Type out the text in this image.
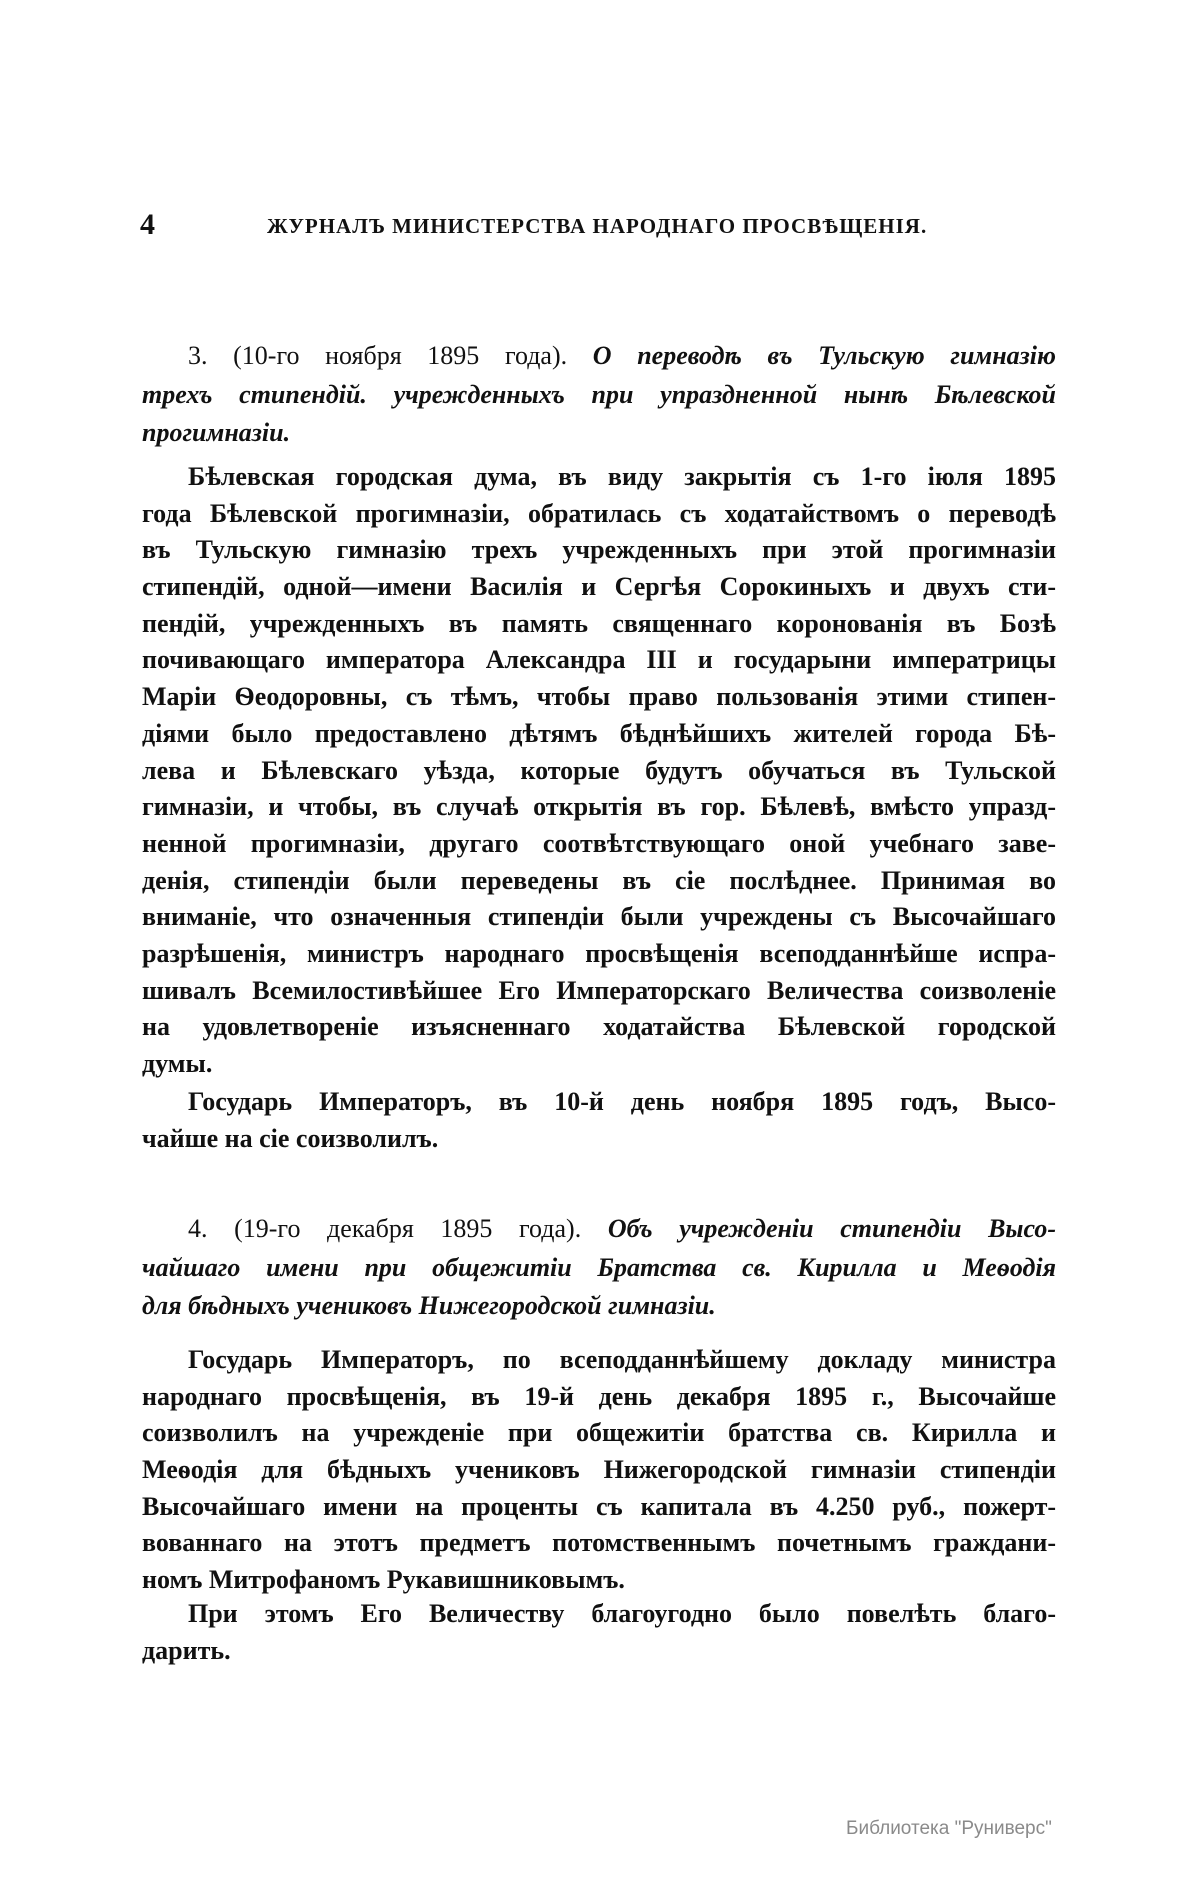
4	ЖУРНАЛЪ МИНИСТЕРСТВА НАРОДНАГО ПРОСВѢЩЕНІЯ.
3. (10-го ноября 1895 года). О переводѣ въ Тульскую гимназію
трехъ стипендій. учрежденныхъ при упраздненной нынѣ Бѣлевской
прогимназіи.
Бѣлевская городская дума, въ виду закрытія съ 1-го іюля 1895
года Бѣлевской прогимназіи, обратилась съ ходатайствомъ о переводѣ
въ Тульскую гимназію трехъ учрежденныхъ при этой прогимназіи
стипендій, одной—имени Василія и Сергѣя Сорокиныхъ и двухъ сти-
пендій, учрежденныхъ въ память священнаго коронованія въ Бозѣ
почивающаго императора Александра III и государыни императрицы
Маріи Ѳеодоровны, съ тѣмъ, чтобы право пользованія этими стипен-
діями было предоставлено дѣтямъ бѣднѣйшихъ жителей города Бѣ-
лева и Бѣлевскаго уѣзда, которые будутъ обучаться въ Тульской
гимназіи, и чтобы, въ случаѣ открытія въ гор. Бѣлевѣ, вмѣсто упразд-
ненной прогимназіи, другаго соотвѣтствующаго оной учебнаго заве-
денія, стипендіи были переведены въ сіе послѣднее. Принимая во
вниманіе, что означенныя стипендіи были учреждены съ Высочайшаго
разрѣшенія, министръ народнаго просвѣщенія всеподданнѣйше испра-
шивалъ Всемилостивѣйшее Его Императорскаго Величества соизволеніе
на удовлетвореніе изъясненнаго ходатайства Бѣлевской городской
думы.
Государь Императоръ, въ 10-й день ноября 1895 годъ, Высо-
чайше на сіе соизволилъ.
4. (19-го декабря 1895 года). Объ учрежденіи стипендіи Высо-
чайшаго имени при общежитіи Братства св. Кирилла и Меѳодія
для бѣдныхъ учениковъ Нижегородской гимназіи.
Государь Императоръ, по всеподданнѣйшему докладу министра
народнаго просвѣщенія, въ 19-й день декабря 1895 г., Высочайше
соизволилъ на учрежденіе при общежитіи братства св. Кирилла и
Меѳодія для бѣдныхъ учениковъ Нижегородской гимназіи стипендіи
Высочайшаго имени на проценты съ капитала въ 4.250 руб., пожерт-
вованнаго на этотъ предметъ потомственнымъ почетнымъ граждани-
номъ Митрофаномъ Рукавишниковымъ.
При этомъ Его Величеству благоугодно было повелѣть благо-
дарить.
Библиотека "Руниверс"
